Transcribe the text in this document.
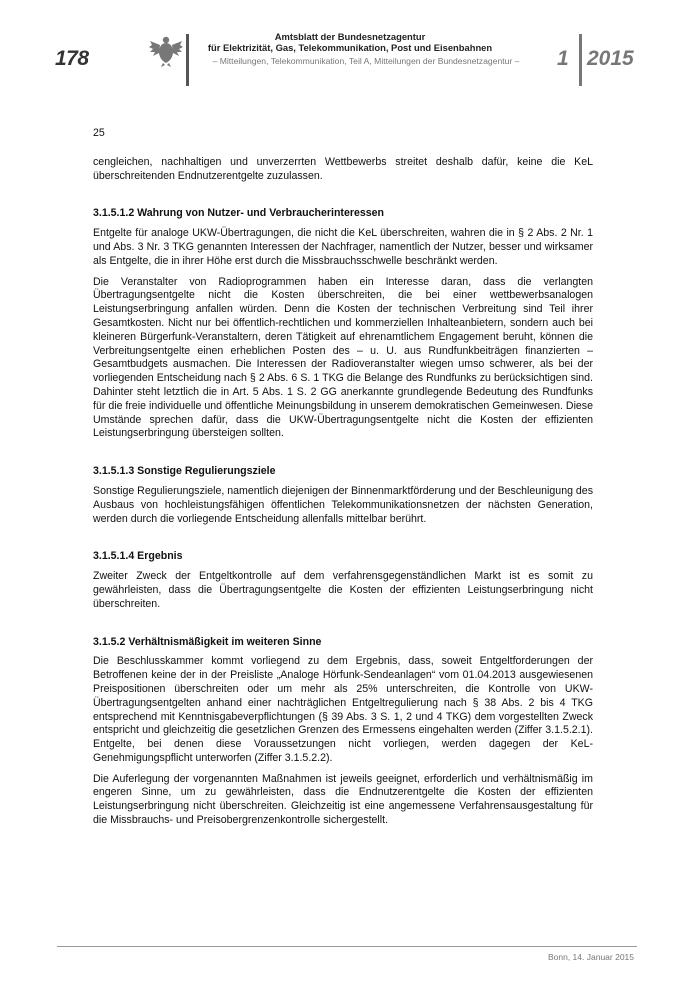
178
Amtsblatt der Bundesnetzagentur
für Elektrizität, Gas, Telekommunikation, Post und Eisenbahnen
– Mitteilungen, Telekommunikation, Teil A, Mitteilungen der Bundesnetzagentur –	1 2015

25

cengleichen, nachhaltigen und unverzerrten Wettbewerbs streitet deshalb dafür, keine die KeL überschreitenden Endnutzerentgelte zuzulassen.

3.1.5.1.2 Wahrung von Nutzer- und Verbraucherinteressen

Entgelte für analoge UKW-Übertragungen, die nicht die KeL überschreiten, wahren die in § 2 Abs. 2 Nr. 1 und Abs. 3 Nr. 3 TKG genannten Interessen der Nachfrager, namentlich der Nutzer, besser und wirksamer als Entgelte, die in ihrer Höhe erst durch die Missbrauchsschwelle beschränkt werden.

Die Veranstalter von Radioprogrammen haben ein Interesse daran, dass die verlangten Übertragungsentgelte nicht die Kosten überschreiten, die bei einer wettbewerbsanalogen Leistungserbringung anfallen würden. Denn die Kosten der technischen Verbreitung sind Teil ihrer Gesamtkosten. Nicht nur bei öffentlich-rechtlichen und kommerziellen Inhalteanbietern, sondern auch bei kleineren Bürgerfunk-Veranstaltern, deren Tätigkeit auf ehrenamtlichem Engagement beruht, können die Verbreitungsentgelte einen erheblichen Posten des – u. U. aus Rundfunkbeiträgen finanzierten – Gesamtbudgets ausmachen. Die Interessen der Radioveranstalter wiegen umso schwerer, als bei der vorliegenden Entscheidung nach § 2 Abs. 6 S. 1 TKG die Belange des Rundfunks zu berücksichtigen sind. Dahinter steht letztlich die in Art. 5 Abs. 1 S. 2 GG anerkannte grundlegende Bedeutung des Rundfunks für die freie individuelle und öffentliche Meinungsbildung in unserem demokratischen Gemeinwesen. Diese Umstände sprechen dafür, dass die UKW-Übertragungsentgelte nicht die Kosten der effizienten Leistungserbringung übersteigen sollten.

3.1.5.1.3 Sonstige Regulierungsziele

Sonstige Regulierungsziele, namentlich diejenigen der Binnenmarktförderung und der Beschleunigung des Ausbaus von hochleistungsfähigen öffentlichen Telekommunikationsnetzen der nächsten Generation, werden durch die vorliegende Entscheidung allenfalls mittelbar berührt.

3.1.5.1.4 Ergebnis

Zweiter Zweck der Entgeltkontrolle auf dem verfahrensgegenständlichen Markt ist es somit zu gewährleisten, dass die Übertragungsentgelte die Kosten der effizienten Leistungserbringung nicht überschreiten.

3.1.5.2 Verhältnismäßigkeit im weiteren Sinne

Die Beschlusskammer kommt vorliegend zu dem Ergebnis, dass, soweit Entgeltforderungen der Betroffenen keine der in der Preisliste „Analoge Hörfunk-Sendeanlagen“ vom 01.04.2013 ausgewiesenen Preispositionen überschreiten oder um mehr als 25% unterschreiten, die Kontrolle von UKW-Übertragungsentgelten anhand einer nachträglichen Entgeltregulierung nach § 38 Abs. 2 bis 4 TKG entsprechend mit Kenntnisgabeverpflichtungen (§ 39 Abs. 3 S. 1, 2 und 4 TKG) dem vorgestellten Zweck entspricht und gleichzeitig die gesetzlichen Grenzen des Ermessens eingehalten werden (Ziffer 3.1.5.2.1). Entgelte, bei denen diese Voraussetzungen nicht vorliegen, werden dagegen der KeL-Genehmigungspflicht unterworfen (Ziffer 3.1.5.2.2).

Die Auferlegung der vorgenannten Maßnahmen ist jeweils geeignet, erforderlich und verhältnismäßig im engeren Sinne, um zu gewährleisten, dass die Endnutzerentgelte die Kosten der effizienten Leistungserbringung nicht überschreiten. Gleichzeitig ist eine angemessene Verfahrensausgestaltung für die Missbrauchs- und Preisobergrenzenkontrolle sichergestellt.

Bonn, 14. Januar 2015
